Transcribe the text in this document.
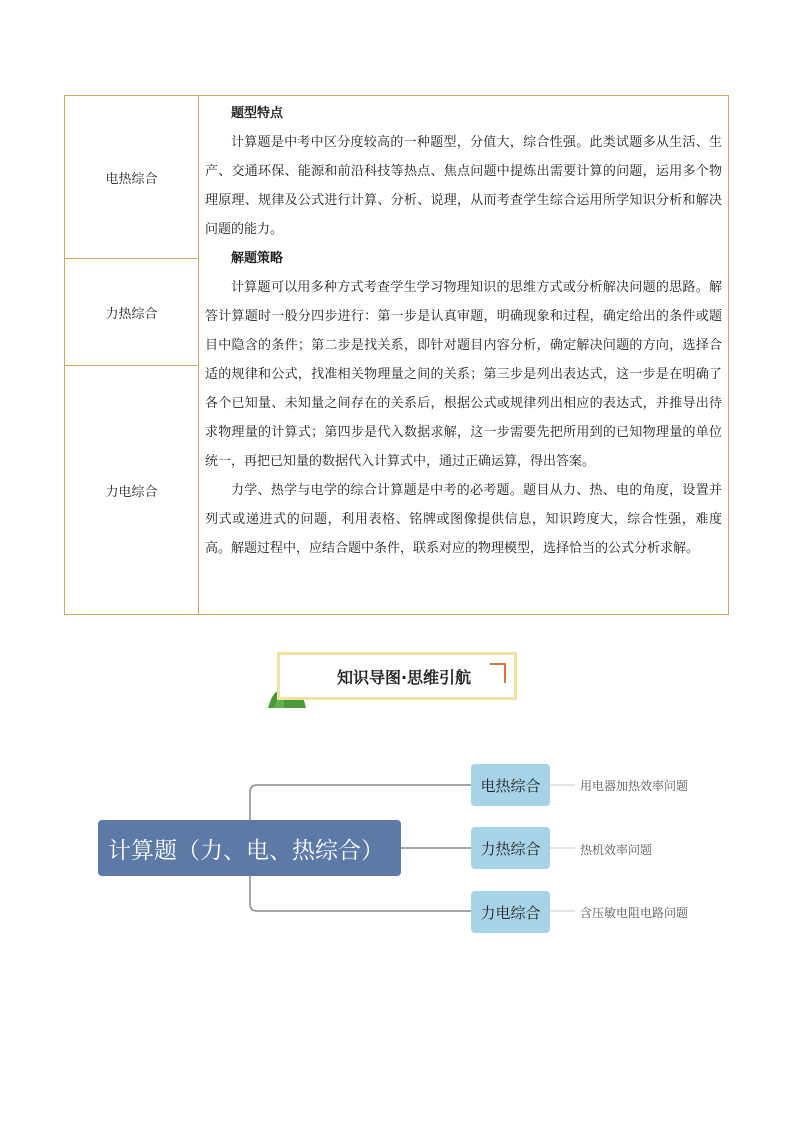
电热综合
力热综合
力电综合
题型特点

计算题是中考中区分度较高的一种题型，分值大，综合性强。此类试题多从生活、生产、交通环保、能源和前沿科技等热点、焦点问题中提炼出需要计算的问题，运用多个物理原理、规律及公式进行计算、分析、说理，从而考查学生综合运用所学知识分析和解决问题的能力。

解题策略

计算题可以用多种方式考查学生学习物理知识的思维方式或分析解决问题的思路。解答计算题时一般分四步进行：第一步是认真审题，明确现象和过程，确定给出的条件或题目中隐含的条件；第二步是找关系，即针对题目内容分析，确定解决问题的方向，选择合适的规律和公式，找准相关物理量之间的关系；第三步是列出表达式，这一步是在明确了各个已知量、未知量之间存在的关系后，根据公式或规律列出相应的表达式，并推导出待求物理量的计算式；第四步是代入数据求解，这一步需要先把所用到的已知物理量的单位统一，再把已知量的数据代入计算式中，通过正确运算，得出答案。

力学、热学与电学的综合计算题是中考的必考题。题目从力、热、电的角度，设置并列式或递进式的问题，利用表格、铭牌或图像提供信息，知识跨度大，综合性强，难度高。解题过程中，应结合题中条件，联系对应的物理模型，选择恰当的公式分析求解。

知识导图·思维引航
计算题（力、电、热综合）
电热综合
力热综合
力电综合
用电器加热效率问题
热机效率问题
含压敏电阻电路问题
